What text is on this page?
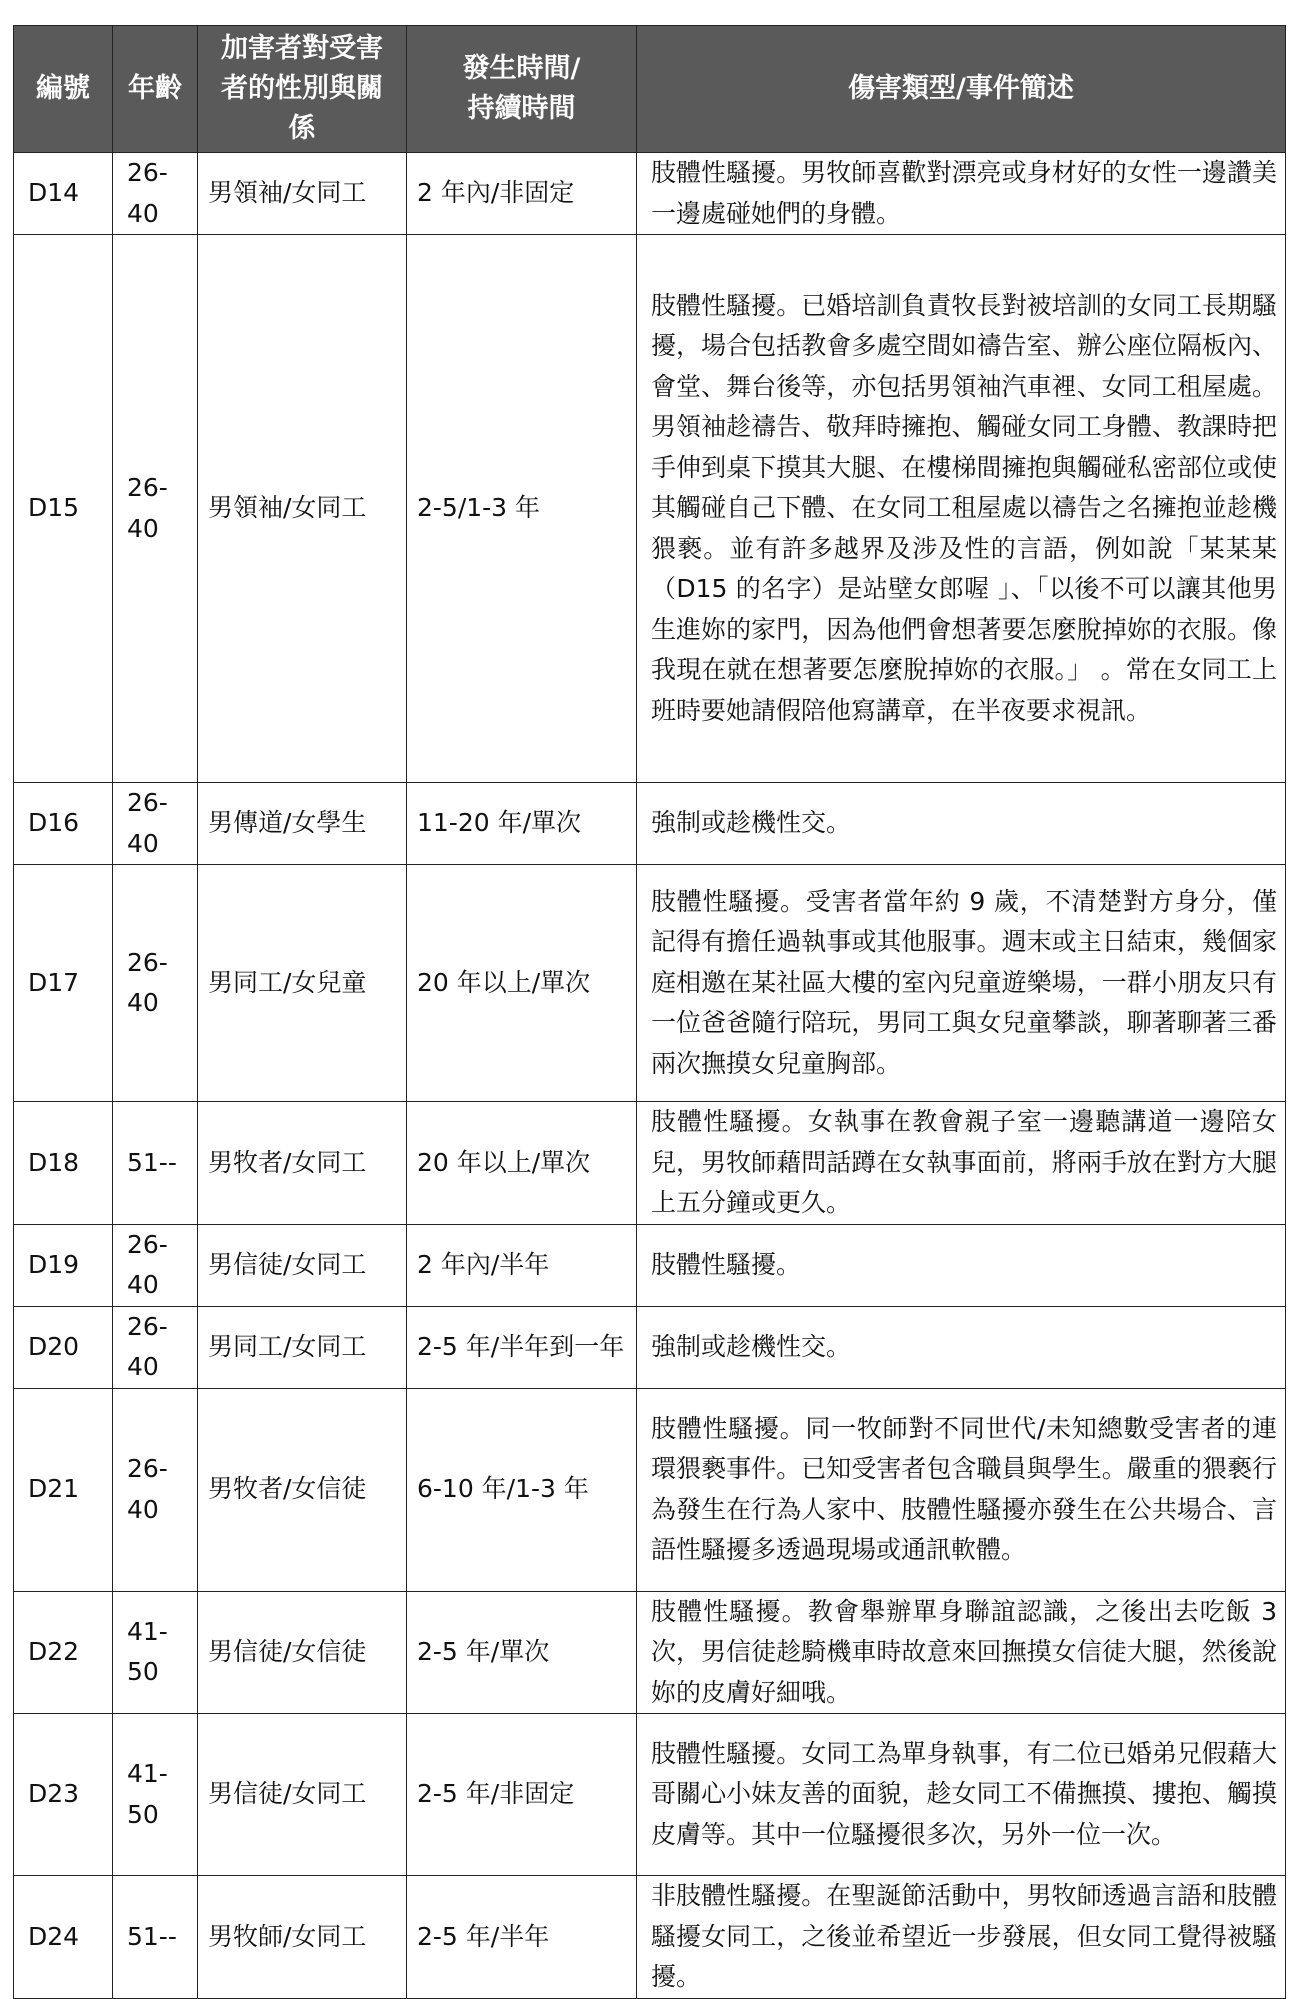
編號	年齡	加害者對受害者的性別與關係	發生時間/持續時間	傷害類型/事件簡述
D14	26-40	男領袖/女同工	2 年內/非固定	肢體性騷擾。男牧師喜歡對漂亮或身材好的女性一邊讚美一邊處碰她們的身體。
D15	26-40	男領袖/女同工	2-5/1-3 年	肢體性騷擾。已婚培訓負責牧長對被培訓的女同工長期騷擾，場合包括教會多處空間如禱告室、辦公座位隔板內、會堂、舞台後等，亦包括男領袖汽車裡、女同工租屋處。男領袖趁禱告、敬拜時擁抱、觸碰女同工身體、教課時把手伸到桌下摸其大腿、在樓梯間擁抱與觸碰私密部位或使其觸碰自己下體、在女同工租屋處以禱告之名擁抱並趁機猥褻。並有許多越界及涉及性的言語，例如說「某某某（D15 的名字）是站壁女郎喔 」、「以後不可以讓其他男生進妳的家門，因為他們會想著要怎麼脫掉妳的衣服。像我現在就在想著要怎麼脫掉妳的衣服。」 。常在女同工上班時要她請假陪他寫講章，在半夜要求視訊。
D16	26-40	男傳道/女學生	11-20 年/單次	強制或趁機性交。
D17	26-40	男同工/女兒童	20 年以上/單次	肢體性騷擾。受害者當年約 9 歲，不清楚對方身分，僅記得有擔任過執事或其他服事。週末或主日結束，幾個家庭相邀在某社區大樓的室內兒童遊樂場，一群小朋友只有一位爸爸隨行陪玩，男同工與女兒童攀談，聊著聊著三番兩次撫摸女兒童胸部。
D18	51--	男牧者/女同工	20 年以上/單次	肢體性騷擾。女執事在教會親子室一邊聽講道一邊陪女兒，男牧師藉問話蹲在女執事面前，將兩手放在對方大腿上五分鐘或更久。
D19	26-40	男信徒/女同工	2 年內/半年	肢體性騷擾。
D20	26-40	男同工/女同工	2-5 年/半年到一年	強制或趁機性交。
D21	26-40	男牧者/女信徒	6-10 年/1-3 年	肢體性騷擾。同一牧師對不同世代/未知總數受害者的連環猥褻事件。已知受害者包含職員與學生。嚴重的猥褻行為發生在行為人家中、肢體性騷擾亦發生在公共場合、言語性騷擾多透過現場或通訊軟體。
D22	41-50	男信徒/女信徒	2-5 年/單次	肢體性騷擾。教會舉辦單身聯誼認識，之後出去吃飯 3 次，男信徒趁騎機車時故意來回撫摸女信徒大腿，然後說妳的皮膚好細哦。
D23	41-50	男信徒/女同工	2-5 年/非固定	肢體性騷擾。女同工為單身執事，有二位已婚弟兄假藉大哥關心小妹友善的面貌，趁女同工不備撫摸、摟抱、觸摸皮膚等。其中一位騷擾很多次，另外一位一次。
D24	51--	男牧師/女同工	2-5 年/半年	非肢體性騷擾。在聖誕節活動中，男牧師透過言語和肢體騷擾女同工，之後並希望近一步發展，但女同工覺得被騷擾。
